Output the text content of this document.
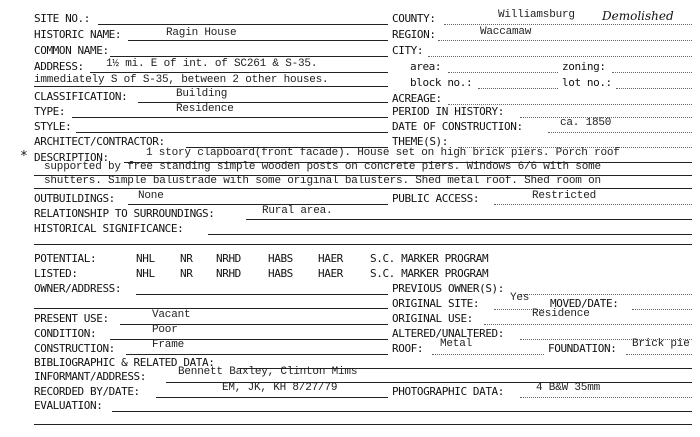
SITE NO.:	COUNTY:	Williamsburg Demolished
HISTORIC NAME:	Ragin House	REGION:	Waccamaw
COMMON NAME:	CITY:
ADDRESS: 1½ mi. E of int. of SC261 & S-35.	area:	zoning:
immediately S of S-35, between 2 other houses.	block no.:	lot no.:
CLASSIFICATION:	Building	ACREAGE:
TYPE:	Residence	PERIOD IN HISTORY:
STYLE:	DATE OF CONSTRUCTION:	ca. 1850
ARCHITECT/CONTRACTOR:	THEME(S):
* DESCRIPTION:	1 story clapboard(front facade). House set on high brick piers. Porch roof
supported by free standing simple wooden posts on concrete piers. Windows 6/6 with some
shutters. Simple balustrade with some original balusters. Shed metal roof. Shed room on
OUTBUILDINGS: None	PUBLIC ACCESS:	Restricted
RELATIONSHIP TO SURROUNDINGS:	Rural area.
HISTORICAL SIGNIFICANCE:
POTENTIAL:	NHL NR NRHD HABS HAER S.C. MARKER PROGRAM
LISTED:	NHL NR NRHD HABS HAER S.C. MARKER PROGRAM
OWNER/ADDRESS:	PREVIOUS OWNER(S):
ORIGINAL SITE:	Yes MOVED/DATE:
PRESENT USE:	Vacant	ORIGINAL USE:	Residence
CONDITION:	Poor	ALTERED/UNALTERED:
CONSTRUCTION:	Frame	ROOF: Metal	FOUNDATION: Brick pie
BIBLIOGRAPHIC & RELATED DATA:
INFORMANT/ADDRESS:	Bennett Baxley, Clinton Mims
RECORDED BY/DATE:	EM, JK, KH 8/27/79	PHOTOGRAPHIC DATA:	4 B&W 35mm
EVALUATION:
